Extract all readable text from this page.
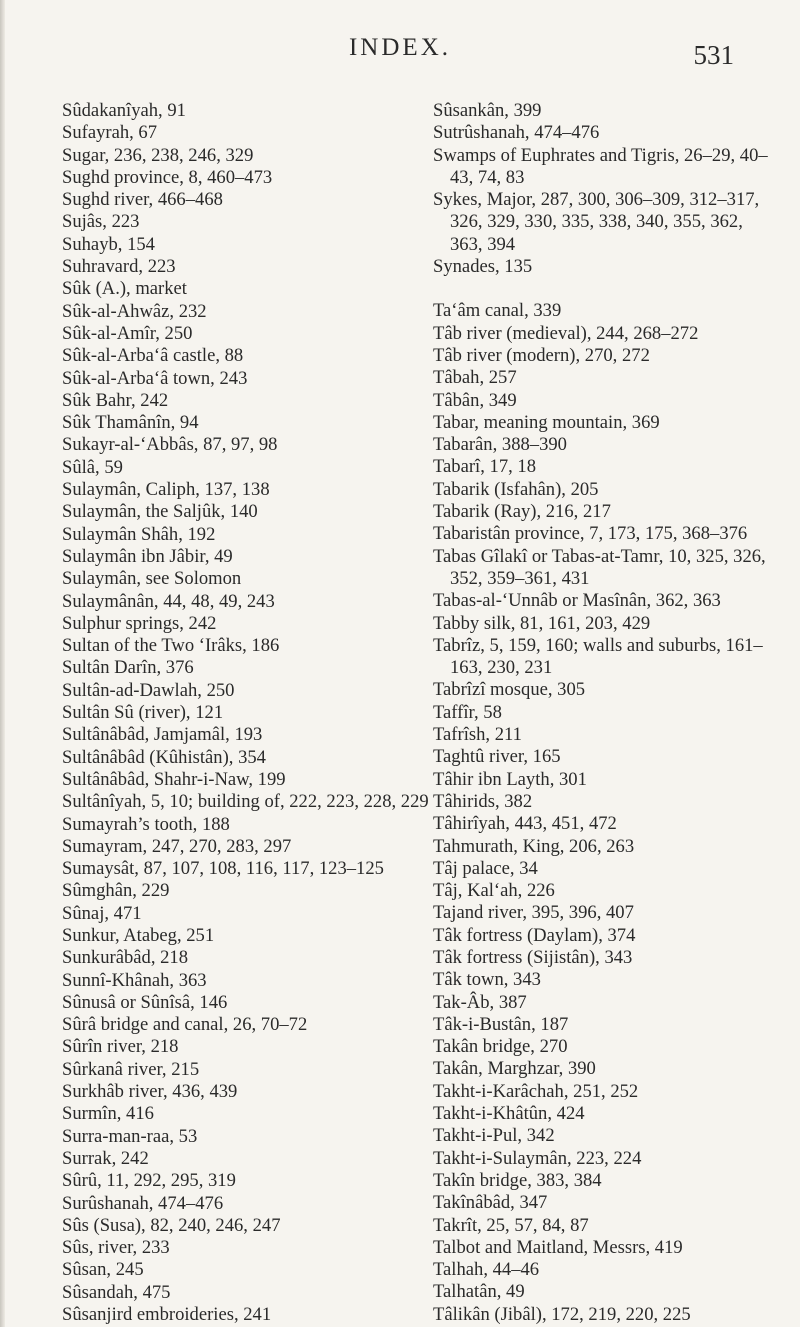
INDEX.	531
Sûdakanîyah, 91
Sufayrah, 67
Sugar, 236, 238, 246, 329
Sughd province, 8, 460–473
Sughd river, 466–468
Sujâs, 223
Suhayb, 154
Suhravard, 223
Sûk (A.), market
Sûk-al-Ahwâz, 232
Sûk-al-Amîr, 250
Sûk-al-Arba‘â castle, 88
Sûk-al-Arba‘â town, 243
Sûk Bahr, 242
Sûk Thamânîn, 94
Sukayr-al-‘Abbâs, 87, 97, 98
Sûlâ, 59
Sulaymân, Caliph, 137, 138
Sulaymân, the Saljûk, 140
Sulaymân Shâh, 192
Sulaymân ibn Jâbir, 49
Sulaymân, see Solomon
Sulaymânân, 44, 48, 49, 243
Sulphur springs, 242
Sultan of the Two ‘Irâks, 186
Sultân Darîn, 376
Sultân-ad-Dawlah, 250
Sultân Sû (river), 121
Sultânâbâd, Jamjamâl, 193
Sultânâbâd (Kûhistân), 354
Sultânâbâd, Shahr-i-Naw, 199
Sultânîyah, 5, 10; building of, 222, 223, 228, 229
Sumayrah’s tooth, 188
Sumayram, 247, 270, 283, 297
Sumaysât, 87, 107, 108, 116, 117, 123–125
Sûmghân, 229
Sûnaj, 471
Sunkur, Atabeg, 251
Sunkurâbâd, 218
Sunnî-Khânah, 363
Sûnusâ or Sûnîsâ, 146
Sûrâ bridge and canal, 26, 70–72
Sûrîn river, 218
Sûrkanâ river, 215
Surkhâb river, 436, 439
Surmîn, 416
Surra-man-raa, 53
Surrak, 242
Sûrû, 11, 292, 295, 319
Surûshanah, 474–476
Sûs (Susa), 82, 240, 246, 247
Sûs, river, 233
Sûsan, 245
Sûsandah, 475
Sûsanjird embroideries, 241
Sûsankân, 399
Sutrûshanah, 474–476
Swamps of Euphrates and Tigris, 26–29, 40–43, 74, 83
Sykes, Major, 287, 300, 306–309, 312–317, 326, 329, 330, 335, 338, 340, 355, 362, 363, 394
Synades, 135
Ta‘âm canal, 339
Tâb river (medieval), 244, 268–272
Tâb river (modern), 270, 272
Tâbah, 257
Tâbân, 349
Tabar, meaning mountain, 369
Tabarân, 388–390
Tabarî, 17, 18
Tabarik (Isfahân), 205
Tabarik (Ray), 216, 217
Tabaristân province, 7, 173, 175, 368–376
Tabas Gîlakî or Tabas-at-Tamr, 10, 325, 326, 352, 359–361, 431
Tabas-al-‘Unnâb or Masînân, 362, 363
Tabby silk, 81, 161, 203, 429
Tabrîz, 5, 159, 160; walls and suburbs, 161–163, 230, 231
Tabrîzî mosque, 305
Taffîr, 58
Tafrîsh, 211
Taghtû river, 165
Tâhir ibn Layth, 301
Tâhirids, 382
Tâhirîyah, 443, 451, 472
Tahmurath, King, 206, 263
Tâj palace, 34
Tâj, Kal‘ah, 226
Tajand river, 395, 396, 407
Tâk fortress (Daylam), 374
Tâk fortress (Sijistân), 343
Tâk town, 343
Tak-Âb, 387
Tâk-i-Bustân, 187
Takân bridge, 270
Takân, Marghzar, 390
Takht-i-Karâchah, 251, 252
Takht-i-Khâtûn, 424
Takht-i-Pul, 342
Takht-i-Sulaymân, 223, 224
Takîn bridge, 383, 384
Takînâbâd, 347
Takrît, 25, 57, 84, 87
Talbot and Maitland, Messrs, 419
Talhah, 44–46
Talhatân, 49
Tâlikân (Jibâl), 172, 219, 220, 225
